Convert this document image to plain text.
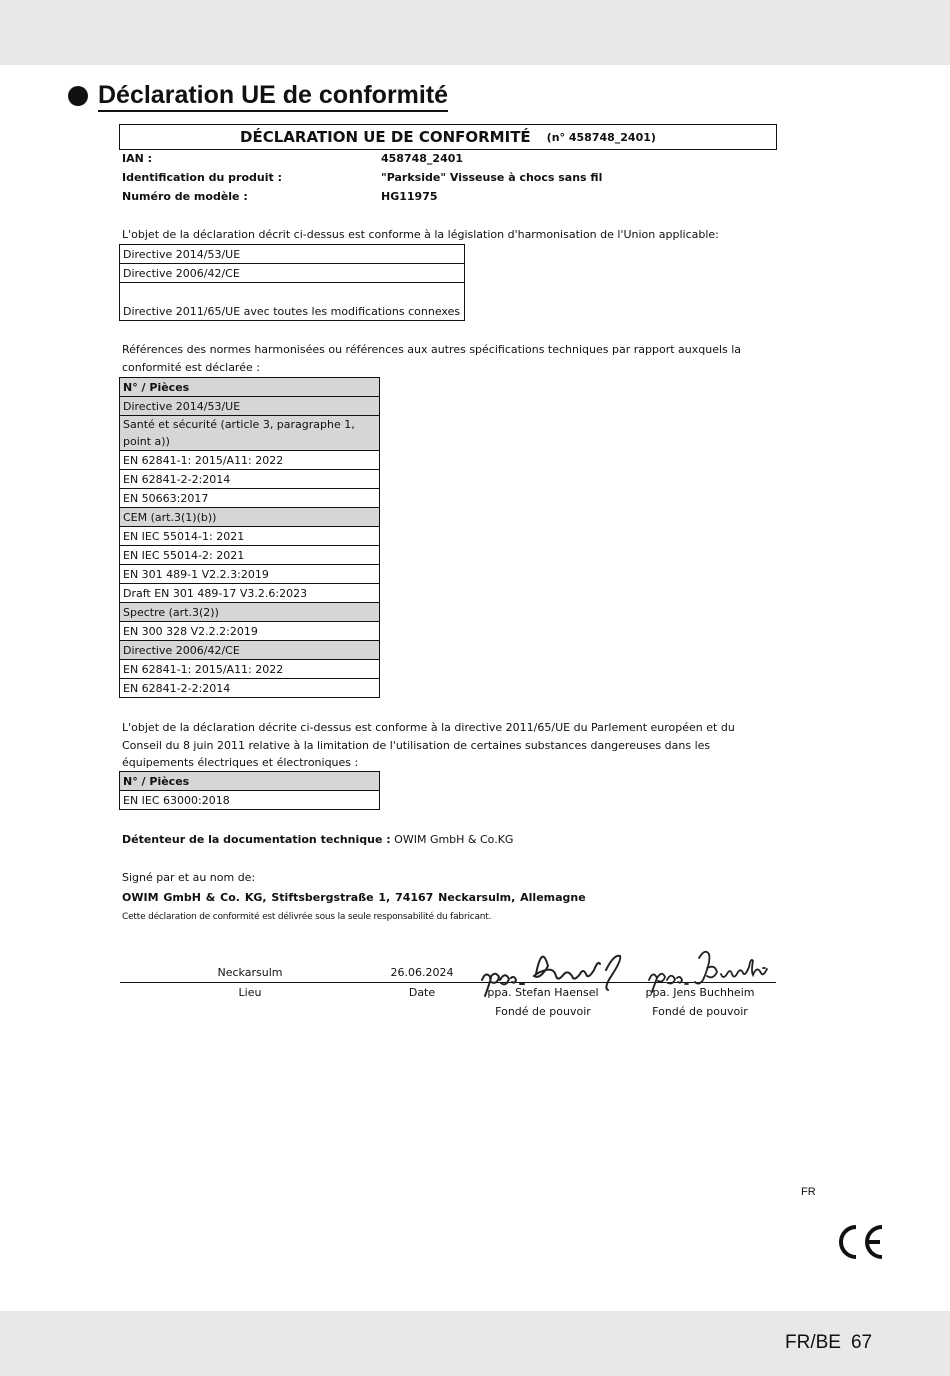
Déclaration UE de conformité
DÉCLARATION UE DE CONFORMITÉ (n° 458748_2401)
IAN :	458748_2401
Identification du produit :	"Parkside" Visseuse à chocs sans fil
Numéro de modèle :	HG11975
L'objet de la déclaration décrit ci-dessus est conforme à la législation d'harmonisation de l'Union applicable:
Directive 2014/53/UE
Directive 2006/42/CE
Directive 2011/65/UE avec toutes les modifications connexes
Références des normes harmonisées ou références aux autres spécifications techniques par rapport auxquels la conformité est déclarée :
N° / Pièces
Directive 2014/53/UE
Santé et sécurité (article 3, paragraphe 1, point a))
EN 62841-1: 2015/A11: 2022
EN 62841-2-2:2014
EN 50663:2017
CEM (art.3(1)(b))
EN IEC 55014-1: 2021
EN IEC 55014-2: 2021
EN 301 489-1 V2.2.3:2019
Draft EN 301 489-17 V3.2.6:2023
Spectre (art.3(2))
EN 300 328 V2.2.2:2019
Directive 2006/42/CE
EN 62841-1: 2015/A11: 2022
EN 62841-2-2:2014
L'objet de la déclaration décrite ci-dessus est conforme à la directive 2011/65/UE du Parlement européen et du Conseil du 8 juin 2011 relative à la limitation de l'utilisation de certaines substances dangereuses dans les équipements électriques et électroniques :
N° / Pièces
EN IEC 63000:2018
Détenteur de la documentation technique : OWIM GmbH & Co.KG
Signé par et au nom de:
OWIM GmbH & Co. KG, Stiftsbergstraße 1, 74167 Neckarsulm, Allemagne
Cette déclaration de conformité est délivrée sous la seule responsabilité du fabricant.
Neckarsulm	26.06.2024
Lieu	Date	ppa. Stefan Haensel	ppa. Jens Buchheim
Fondé de pouvoir	Fondé de pouvoir
FR
FR/BE 67
